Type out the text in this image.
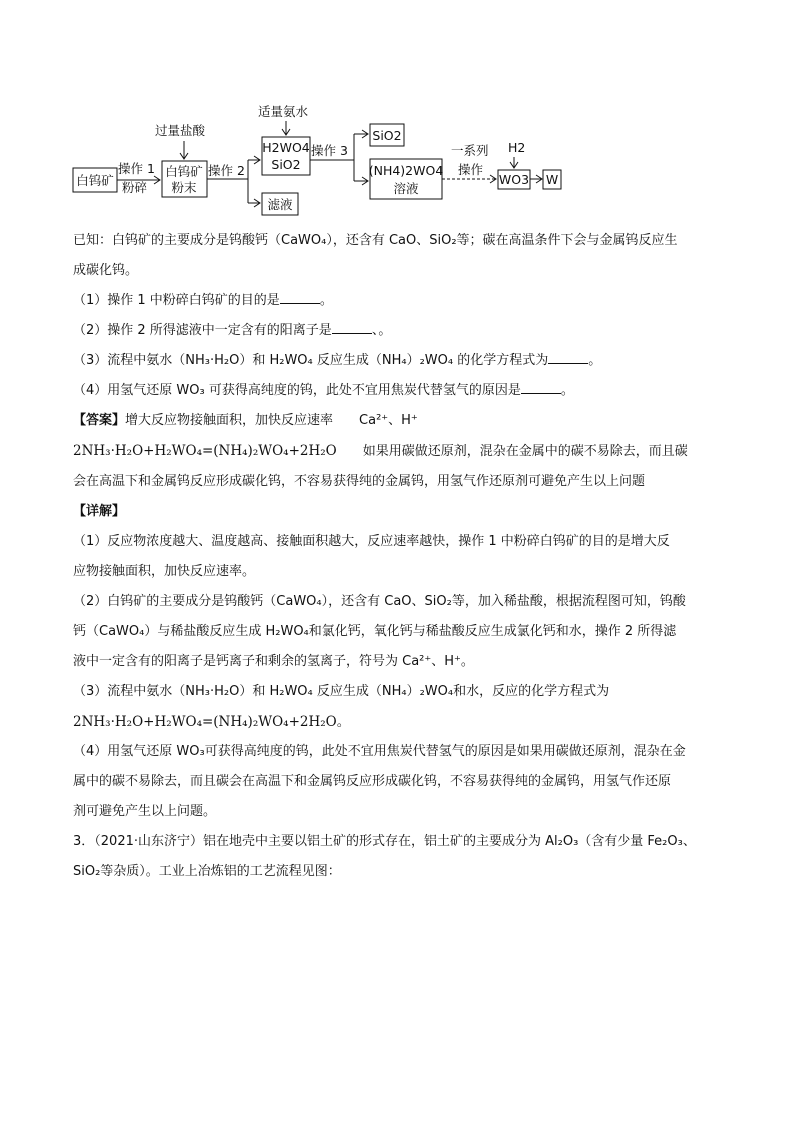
白钨矿
白钨矿
粉末
H2WO4
SiO2
滤液
SiO2
(NH4)2WO4
溶液
WO3 W
操作 1
粉碎
过量盐酸
操作 2
适量氨水
操作 3	一系列
操作
H2

已知：白钨矿的主要成分是钨酸钙（CaWO₄），还含有 CaO、SiO₂等；碳在高温条件下会与金属钨反应生

成碳化钨。

（1）操作 1 中粉碎白钨矿的目的是	。

（2）操作 2 所得滤液中一定含有的阳离子是	、。

（3）流程中氨水（NH₃·H₂O）和 H₂WO₄ 反应生成（NH₄）₂WO₄ 的化学方程式为	。

（4）用氢气还原 WO₃ 可获得高纯度的钨，此处不宜用焦炭代替氢气的原因是	。

【答案】增大反应物接触面积，加快反应速率 Ca²⁺、H⁺

2NH₃·H₂O+H₂WO₄=(NH₄)₂WO₄+2H₂O 如果用碳做还原剂，混杂在金属中的碳不易除去，而且碳

会在高温下和金属钨反应形成碳化钨，不容易获得纯的金属钨，用氢气作还原剂可避免产生以上问题

【详解】

（1）反应物浓度越大、温度越高、接触面积越大，反应速率越快，操作 1 中粉碎白钨矿的目的是增大反

应物接触面积，加快反应速率。

（2）白钨矿的主要成分是钨酸钙（CaWO₄），还含有 CaO、SiO₂等，加入稀盐酸，根据流程图可知，钨酸

钙（CaWO₄）与稀盐酸反应生成 H₂WO₄和氯化钙，氧化钙与稀盐酸反应生成氯化钙和水，操作 2 所得滤

液中一定含有的阳离子是钙离子和剩余的氢离子，符号为 Ca²⁺、H⁺。

（3）流程中氨水（NH₃·H₂O）和 H₂WO₄ 反应生成（NH₄）₂WO₄和水，反应的化学方程式为

2NH₃·H₂O+H₂WO₄=(NH₄)₂WO₄+2H₂O。

（4）用氢气还原 WO₃可获得高纯度的钨，此处不宜用焦炭代替氢气的原因是如果用碳做还原剂，混杂在金

属中的碳不易除去，而且碳会在高温下和金属钨反应形成碳化钨，不容易获得纯的金属钨，用氢气作还原

剂可避免产生以上问题。

3．（2021·山东济宁）铝在地壳中主要以铝土矿的形式存在，铝土矿的主要成分为 Al₂O₃（含有少量 Fe₂O₃、

SiO₂等杂质）。工业上冶炼铝的工艺流程见图：
